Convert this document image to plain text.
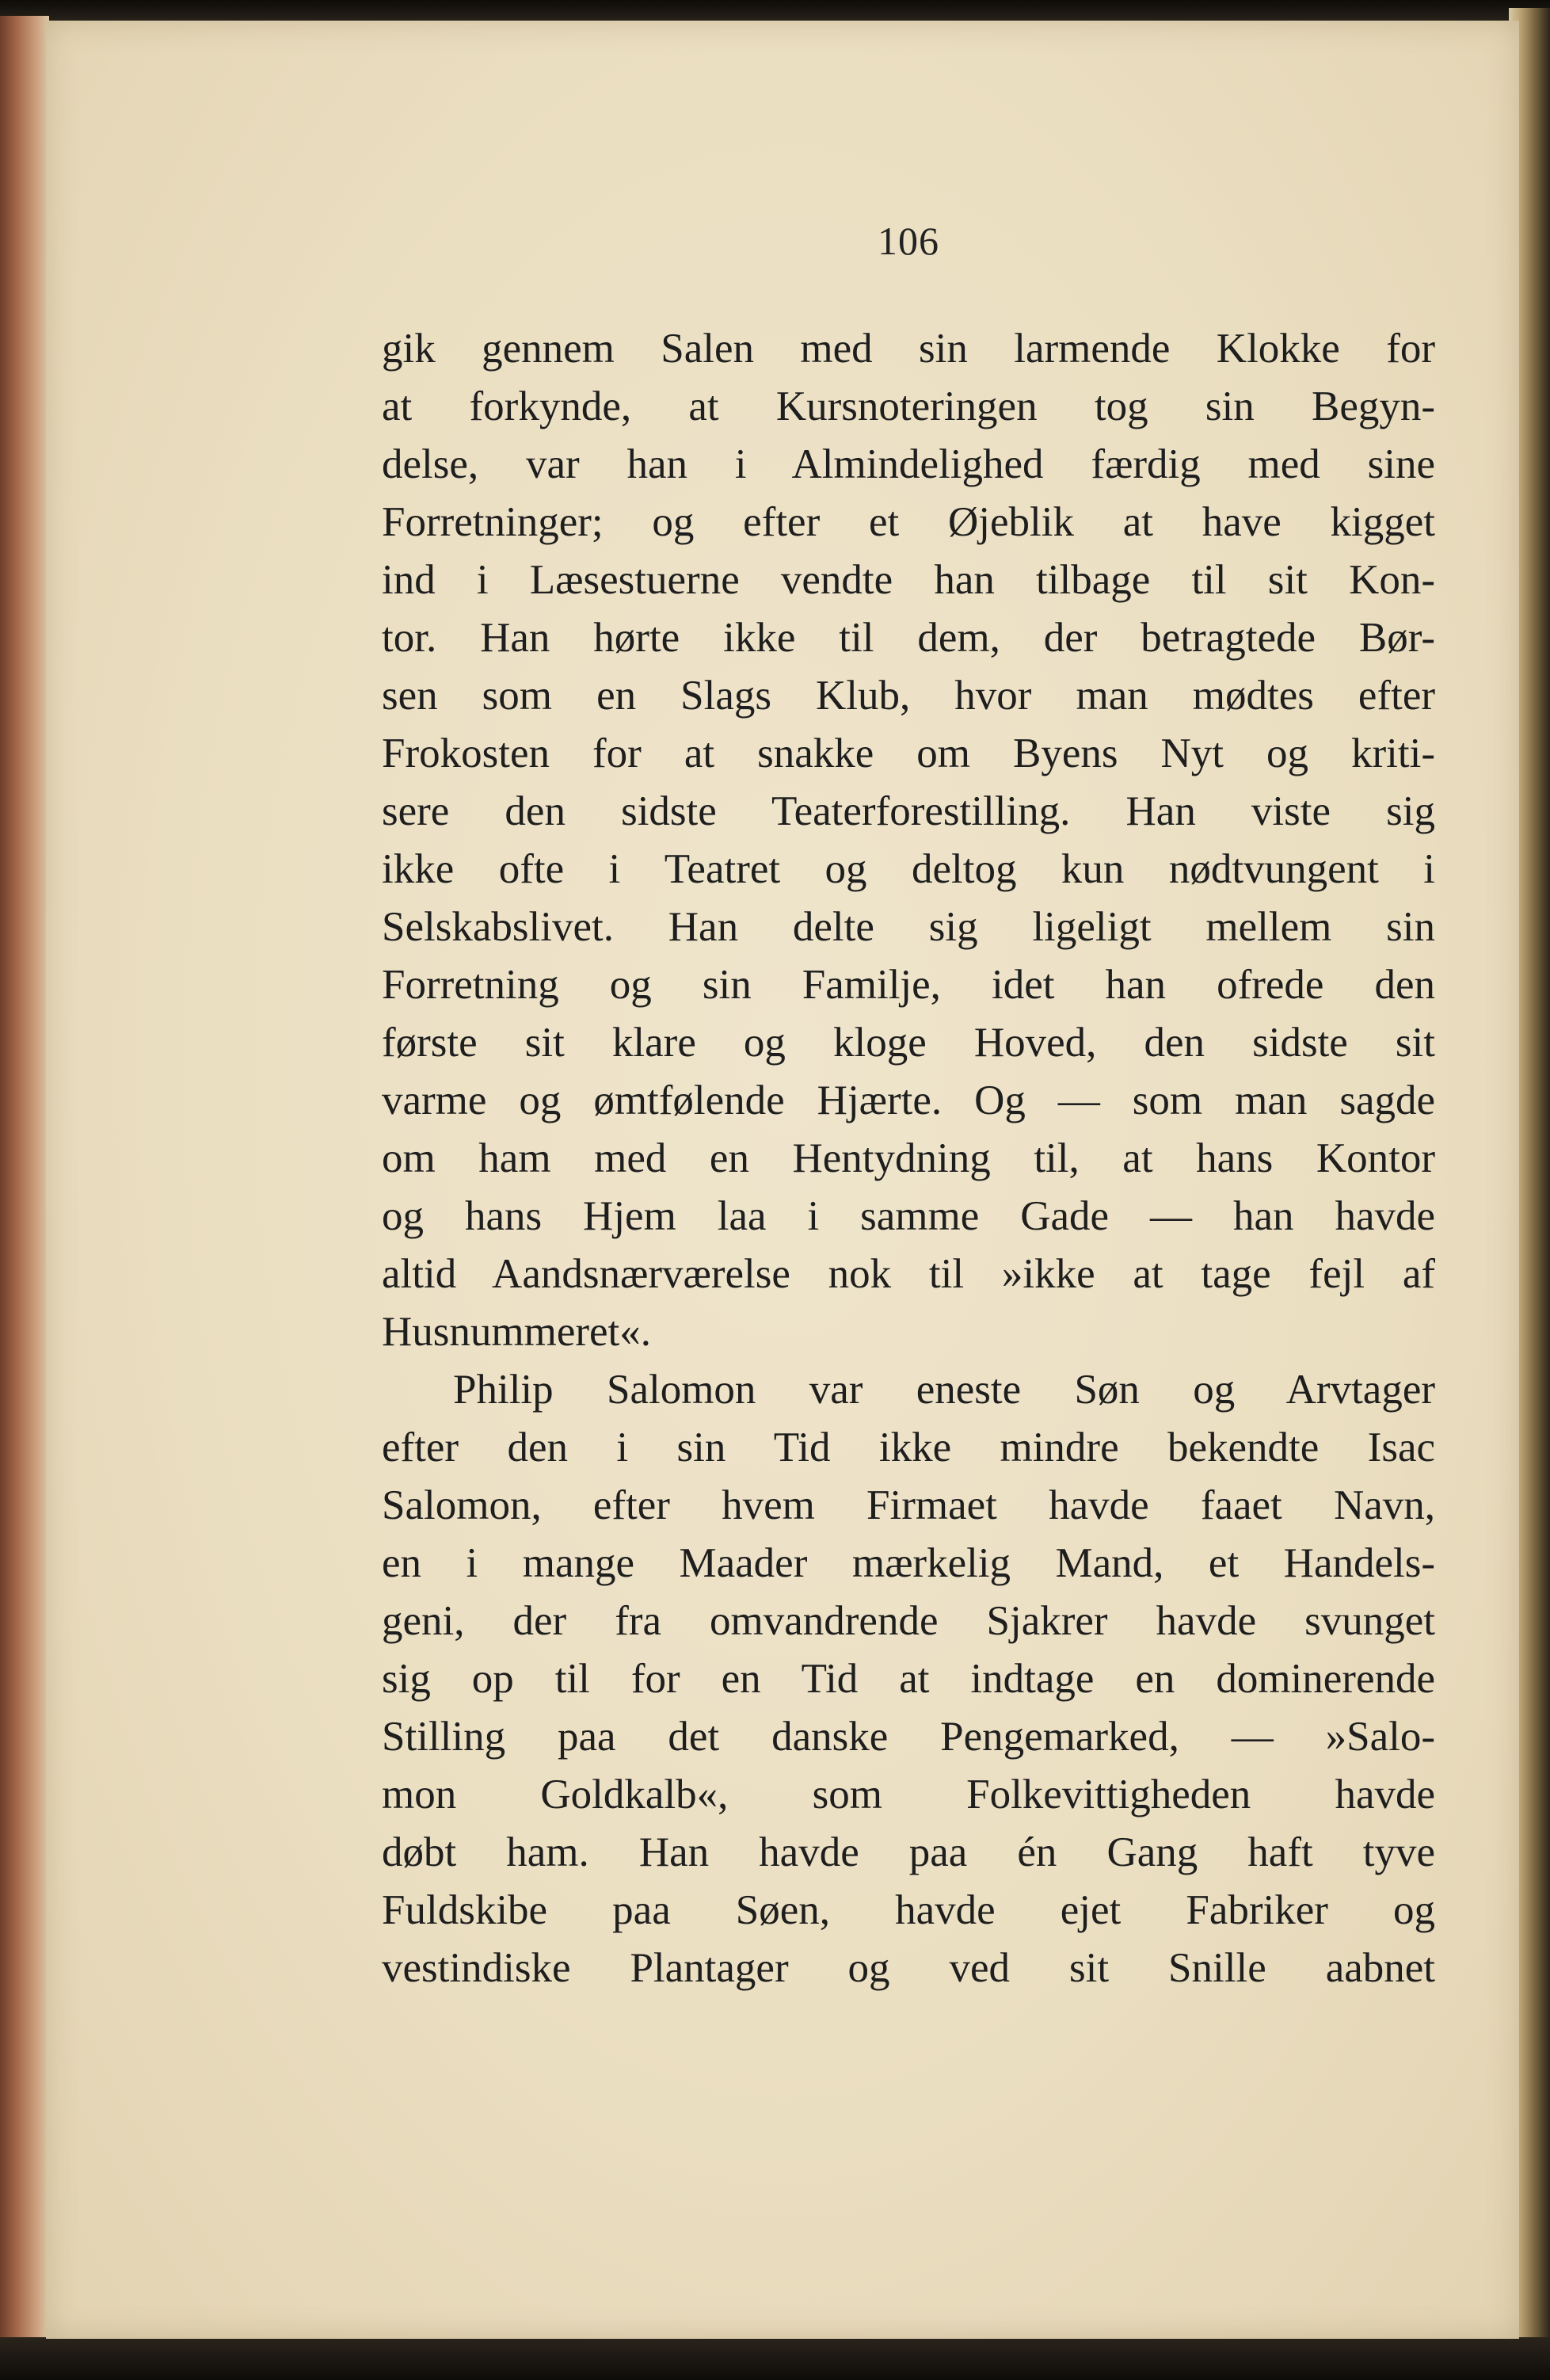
106
gik gennem Salen med sin larmende Klokke for
at forkynde, at Kursnoteringen tog sin Begyn-
delse, var han i Almindelighed færdig med sine
Forretninger; og efter et Øjeblik at have kigget
ind i Læsestuerne vendte han tilbage til sit Kon-
tor. Han hørte ikke til dem, der betragtede Bør-
sen som en Slags Klub, hvor man mødtes efter
Frokosten for at snakke om Byens Nyt og kriti-
sere den sidste Teaterforestilling. Han viste sig
ikke ofte i Teatret og deltog kun nødtvungent i
Selskabslivet. Han delte sig ligeligt mellem sin
Forretning og sin Familje, idet han ofrede den
første sit klare og kloge Hoved, den sidste sit
varme og ømtfølende Hjærte. Og — som man sagde
om ham med en Hentydning til, at hans Kontor
og hans Hjem laa i samme Gade — han havde
altid Aandsnærværelse nok til »ikke at tage fejl af
Husnummeret«.
Philip Salomon var eneste Søn og Arvtager
efter den i sin Tid ikke mindre bekendte Isac
Salomon, efter hvem Firmaet havde faaet Navn,
en i mange Maader mærkelig Mand, et Handels-
geni, der fra omvandrende Sjakrer havde svunget
sig op til for en Tid at indtage en dominerende
Stilling paa det danske Pengemarked, — »Salo-
mon Goldkalb«, som Folkevittigheden havde
døbt ham. Han havde paa én Gang haft tyve
Fuldskibe paa Søen, havde ejet Fabriker og
vestindiske Plantager og ved sit Snille aabnet
